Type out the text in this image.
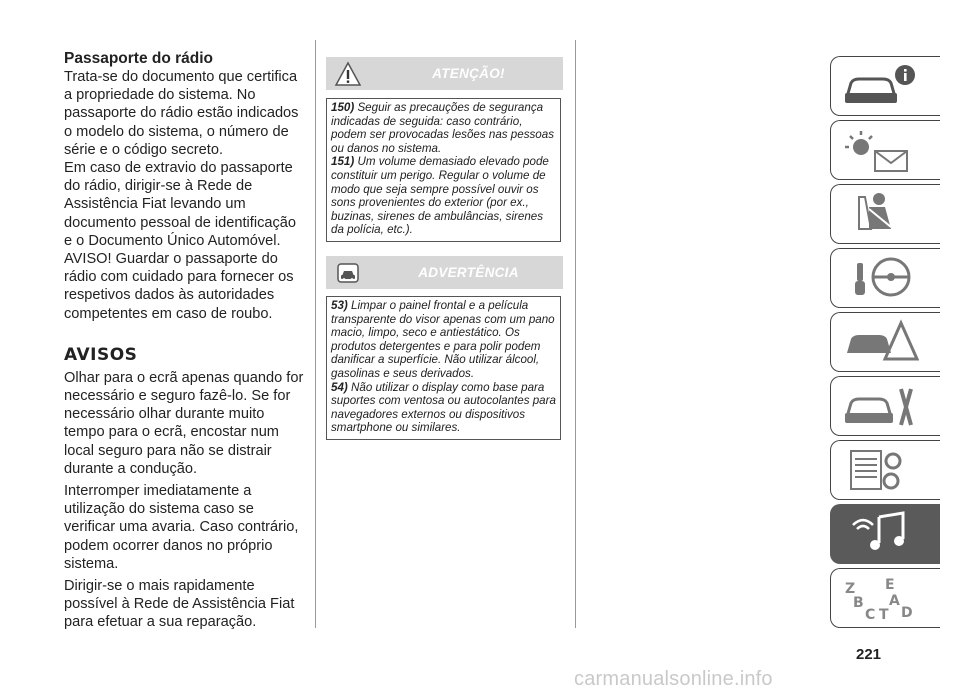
Passaporte do rádio

Trata-se do documento que certifica a propriedade do sistema. No passaporte do rádio estão indicados o modelo do sistema, o número de série e o código secreto.

Em caso de extravio do passaporte do rádio, dirigir-se à Rede de Assistência Fiat levando um documento pessoal de identificação e o Documento Único Automóvel.

AVISO! Guardar o passaporte do rádio com cuidado para fornecer os respetivos dados às autoridades competentes em caso de roubo.

AVISOS

Olhar para o ecrã apenas quando for necessário e seguro fazê-lo. Se for necessário olhar durante muito tempo para o ecrã, encostar num local seguro para não se distrair durante a condução.

Interromper imediatamente a utilização do sistema caso se verificar uma avaria. Caso contrário, podem ocorrer danos no próprio sistema.

Dirigir-se o mais rapidamente possível à Rede de Assistência Fiat para efetuar a sua reparação.

ATENÇÃO!

150) Seguir as precauções de segurança indicadas de seguida: caso contrário, podem ser provocadas lesões nas pessoas ou danos no sistema.

151) Um volume demasiado elevado pode constituir um perigo. Regular o volume de modo que seja sempre possível ouvir os sons provenientes do exterior (por ex., buzinas, sirenes de ambulâncias, sirenes da polícia, etc.).

ADVERTÊNCIA

53) Limpar o painel frontal e a película transparente do visor apenas com um pano macio, limpo, seco e antiestático. Os produtos detergentes e para polir podem danificar a superfície. Não utilizar álcool, gasolinas e seus derivados.

54) Não utilizar o display como base para suportes com ventosa ou autocolantes para navegadores externos ou dispositivos smartphone ou similares.

Z E
A
B
C T D
221
carmanualsonline.info
